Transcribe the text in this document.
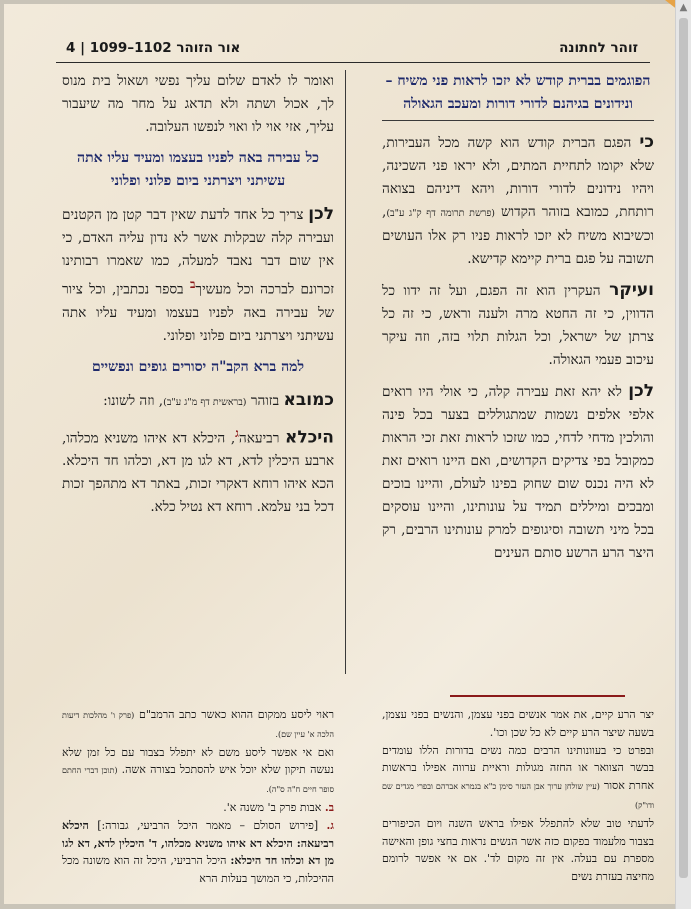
זוהר לחתונה
אור הזוהר 1102–1099 | 4
הפוגמים בברית קודש לא יזכו לראות פני משיח – ונידונים בגיהנם לדורי דורות ומעכב הגאולה

כי הפגם הברית קודש הוא קשה מכל העבירות, שלא יקומו לתחיית המתים, ולא יראו פני השכינה, ויהיו נידונים לדורי דורות, ויהא דיניהם בצואה רותחת, כמובא בזוהר הקדוש (פרשת תרומה דף ק"ג ע"ב), וכשיבוא משיח לא יזכו לראות פניו רק אלו העושים תשובה על פגם ברית קיימא קדישא.

ועיקר העקרין הוא זה הפגם, ועל זה ידוו כל הדווין, כי זה החטא מרה ולענה וראש, כי זה כל צרתן של ישראל, וכל הגלות תלוי בזה, וזה עיקר עיכוב פעמי הגאולה.

לכן לא יהא זאת עבירה קלה, כי אולי היו רואים אלפי אלפים נשמות שמתגוללים בצער בכל פינה והולכין מדחי לדחי, כמו שזכו לראות זאת זכי הראות כמקובל בפי צדיקים הקדושים, ואם היינו רואים זאת לא היה נכנס שום שחוק בפינו לעולם, והיינו בוכים ומבכים ומיללים תמיד על עונותינו, והיינו עוסקים בכל מיני תשובה וסיגופים למרק עונותינו הרבים, רק היצר הרע הרשע סותם העינים

ואומר לו לאדם שלום עליך נפשי ושאול בית מנוס לך, אכול ושתה ולא תדאג על מחר מה שיעבור עליך, אזי אוי לו ואוי לנפשו העלובה.

כל עבירה באה לפניו בעצמו ומעיד עליו אתה עשיתני ויצרתני ביום פלוני ופלוני

לכן צריך כל אחד לדעת שאין דבר קטן מן הקטנים ועבירה קלה שבקלות אשר לא נדון עליה האדם, כי אין שום דבר נאבד למעלה, כמו שאמרו רבותינו זכרונם לברכה וכל מעשיך$^ב$ בספר נכתבין, וכל ציור של עבירה באה לפניו בעצמו ומעיד עליו אתה עשיתני ויצרתני ביום פלוני ופלוני.

למה ברא הקב"ה יסורים גופים ונפשיים

כמובא בזוהר (בראשית דף מ"ג ע"ב), וזה לשונו:

היכלא רביעאה$^ג$, היכלא דא איהו משניא מכלהו, ארבע היכלין לדא, דא לגו מן דא, וכלהו חד היכלא. הכא איהו רוחא דאקרי זכות, באתר דא מתהפך זכות דכל בני עלמא. רוחא דא נטיל כלא.

יצר הרע קיים, את אמר אנשים בפני עצמן, והנשים בפני עצמן, בשעה שיצר הרע קיים לא כל שכן וכו'.
ובפרט כי בעוונותינו הרבים כמה נשים בדורות הללו עומדים בבשר הצוואר או החזה מגולות וראיית ערווה אפילו בראשות אחרת אסור (עיין שולחן ערוך אבן העזר סימן כ"א בגמרא אברהם ובפרי מגדים שם ודו"ק)
לדעתי טוב שלא להתפלל אפילו בראש השנה ויום הכיפורים בצבור מלעמוד בפקום כזה אשר הנשים נראות בחצי גופן והאישה מספרת עם בעלה. אין זה מקום לד'. אם אי אפשר לרומם מחיצה בעזרת נשים
ראוי ליסע ממקום ההוא כאשר כתב הרמב"ם (פרק ו' מהלכות דיעות הלכה א' עיין שם).
ואם אי אפשר ליסע משם לא יתפלל בצבור עם כל זמן שלא נעשה תיקון שלא יוכל איש להסתכל בצורה אשה. (תוכן דברי החתם סופר חיים ח"ה ס"ה).
ב. אבות פרק ב' משנה א'.
ג. [פירוש הסולם – מאמר היכל הרביעי, גבורה:] היכלא רביעאה: היכלא דא איהו משניא מכלהו, ד' היכלין לדא, דא לגו מן דא וכלהו חד היכלא: היכל הרביעי, היכל זה הוא משונה מכל ההיכלות, כי המושך בעלות הרא
▲
